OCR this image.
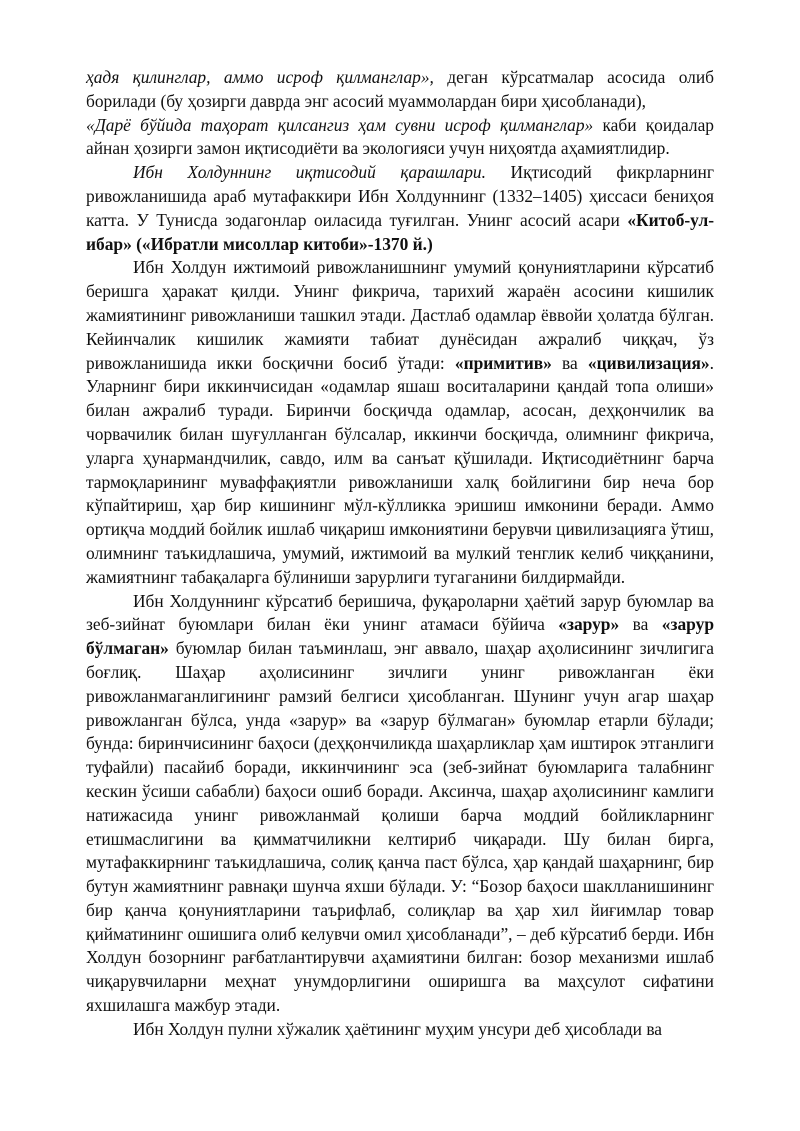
ҳадя қилинглар, аммо исроф қилманглар», деган кўрсатмалар асосида олиб борилади (бу ҳозирги даврда энг асосий муаммолардан бири ҳисобланади),

«Дарё бўйида таҳорат қилсангиз ҳам сувни исроф қилманглар» каби қоидалар айнан ҳозирги замон иқтисодиёти ва экологияси учун ниҳоятда аҳамиятлидир.

Ибн Холдуннинг иқтисодий қарашлари. Иқтисодий фикрларнинг ривожланишида араб мутафаккири Ибн Холдуннинг (1332–1405) ҳиссаси бениҳоя катта. У Тунисда зодагонлар оиласида туғилган. Унинг асосий асари «Китоб-ул-ибар» («Ибратли мисоллар китоби»-1370 й.)

Ибн Холдун ижтимоий ривожланишнинг умумий қонуниятларини кўрсатиб беришга ҳаракат қилди. Унинг фикрича, тарихий жараён асосини кишилик жамиятининг ривожланиши ташкил этади. Дастлаб одамлар ёввойи ҳолатда бўлган. Кейинчалик кишилик жамияти табиат дунёсидан ажралиб чиққач, ўз ривожланишида икки босқични босиб ўтади: «примитив» ва «цивилизация». Уларнинг бири иккинчисидан «одамлар яшаш воситаларини қандай топа олиши» билан ажралиб туради. Биринчи босқичда одамлар, асосан, деҳқончилик ва чорвачилик билан шуғулланган бўлсалар, иккинчи босқичда, олимнинг фикрича, уларга ҳунармандчилик, савдо, илм ва санъат қўшилади. Иқтисодиётнинг барча тармоқларининг муваффақиятли ривожланиши халқ бойлигини бир неча бор кўпайтириш, ҳар бир кишининг мўл-кўлликка эришиш имконини беради. Аммо ортиқча моддий бойлик ишлаб чиқариш имкониятини берувчи цивилизацияга ўтиш, олимнинг таъкидлашича, умумий, ижтимоий ва мулкий тенглик келиб чиққанини, жамиятнинг табақаларга бўлиниши зарурлиги тугаганини билдирмайди.

Ибн Холдуннинг кўрсатиб беришича, фуқароларни ҳаётий зарур буюмлар ва зеб-зийнат буюмлари билан ёки унинг атамаси бўйича «зарур» ва «зарур бўлмаган» буюмлар билан таъминлаш, энг аввало, шаҳар аҳолисининг зичлигига боғлиқ. Шаҳар аҳолисининг зичлиги унинг ривожланган ёки ривожланмаганлигининг рамзий белгиси ҳисобланган. Шунинг учун агар шаҳар ривожланган бўлса, унда «зарур» ва «зарур бўлмаган» буюмлар етарли бўлади; бунда: биринчисининг баҳоси (деҳқончиликда шаҳарликлар ҳам иштирок этганлиги туфайли) пасайиб боради, иккинчининг эса (зеб-зийнат буюмларига талабнинг кескин ўсиши сабабли) баҳоси ошиб боради. Аксинча, шаҳар аҳолисининг камлиги натижасида унинг ривожланмай қолиши барча моддий бойликларнинг етишмаслигини ва қимматчиликни келтириб чиқаради. Шу билан бирга, мутафаккирнинг таъкидлашича, солиқ қанча паст бўлса, ҳар қандай шаҳарнинг, бир бутун жамиятнинг равнақи шунча яхши бўлади. У: “Бозор баҳоси шаклланишининг бир қанча қонуниятларини таърифлаб, солиқлар ва ҳар хил йиғимлар товар қийматининг ошишига олиб келувчи омил ҳисобланади”, – деб кўрсатиб берди. Ибн Холдун бозорнинг рағбатлантирувчи аҳамиятини билган: бозор механизми ишлаб чиқарувчиларни меҳнат унумдорлигини оширишга ва маҳсулот сифатини яхшилашга мажбур этади.

Ибн Холдун пулни хўжалик ҳаётининг муҳим унсури деб ҳисоблади ва
